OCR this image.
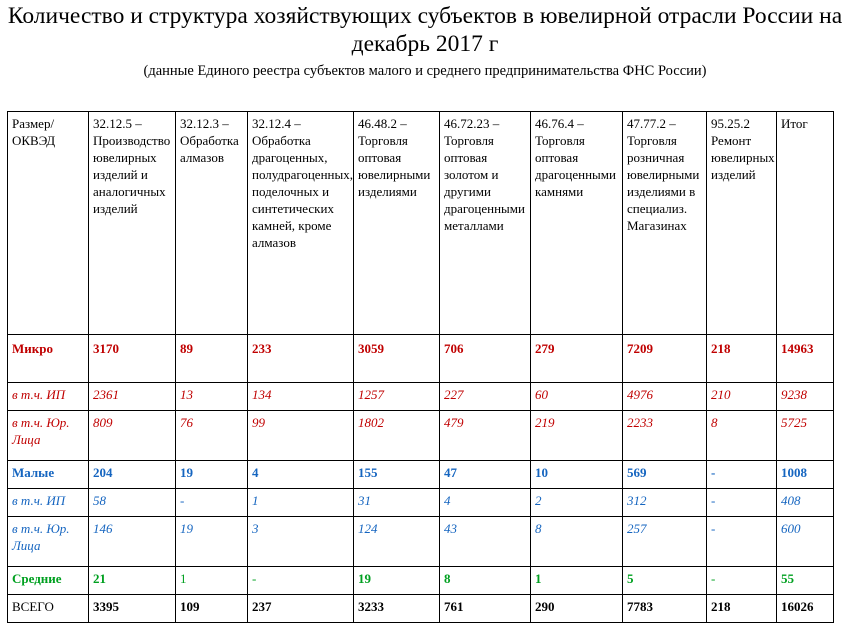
Количество и структура хозяйствующих субъектов в ювелирной отрасли России на декабрь 2017 г
(данные Единого реестра субъектов малого и среднего предпринимательства ФНС России)
Размер/ ОКВЭД	32.12.5 – Производство ювелирных изделий и аналогичных изделий	32.12.3 – Обработка алмазов	32.12.4 – Обработка драгоценных, полудрагоценных, поделочных и синтетических камней, кроме алмазов	46.48.2 – Торговля оптовая ювелирными изделиями	46.72.23 – Торговля оптовая золотом и другими драгоценными металлами	46.76.4 – Торговля оптовая драгоценными камнями	47.77.2 – Торговля розничная ювелирными изделиями в специализ. Магазинах	95.25.2 Ремонт ювелирных изделий	Итог
Микро	3170	89	233	3059	706	279	7209	218	14963
в т.ч. ИП	2361	13	134	1257	227	60	4976	210	9238
в т.ч. Юр. Лица	809	76	99	1802	479	219	2233	8	5725
Малые	204	19	4	155	47	10	569	-	1008
в т.ч. ИП	58	-	1	31	4	2	312	-	408
в т.ч. Юр. Лица	146	19	3	124	43	8	257	-	600
Средние	21	1	-	19	8	1	5	-	55
ВСЕГО	3395	109	237	3233	761	290	7783	218	16026
